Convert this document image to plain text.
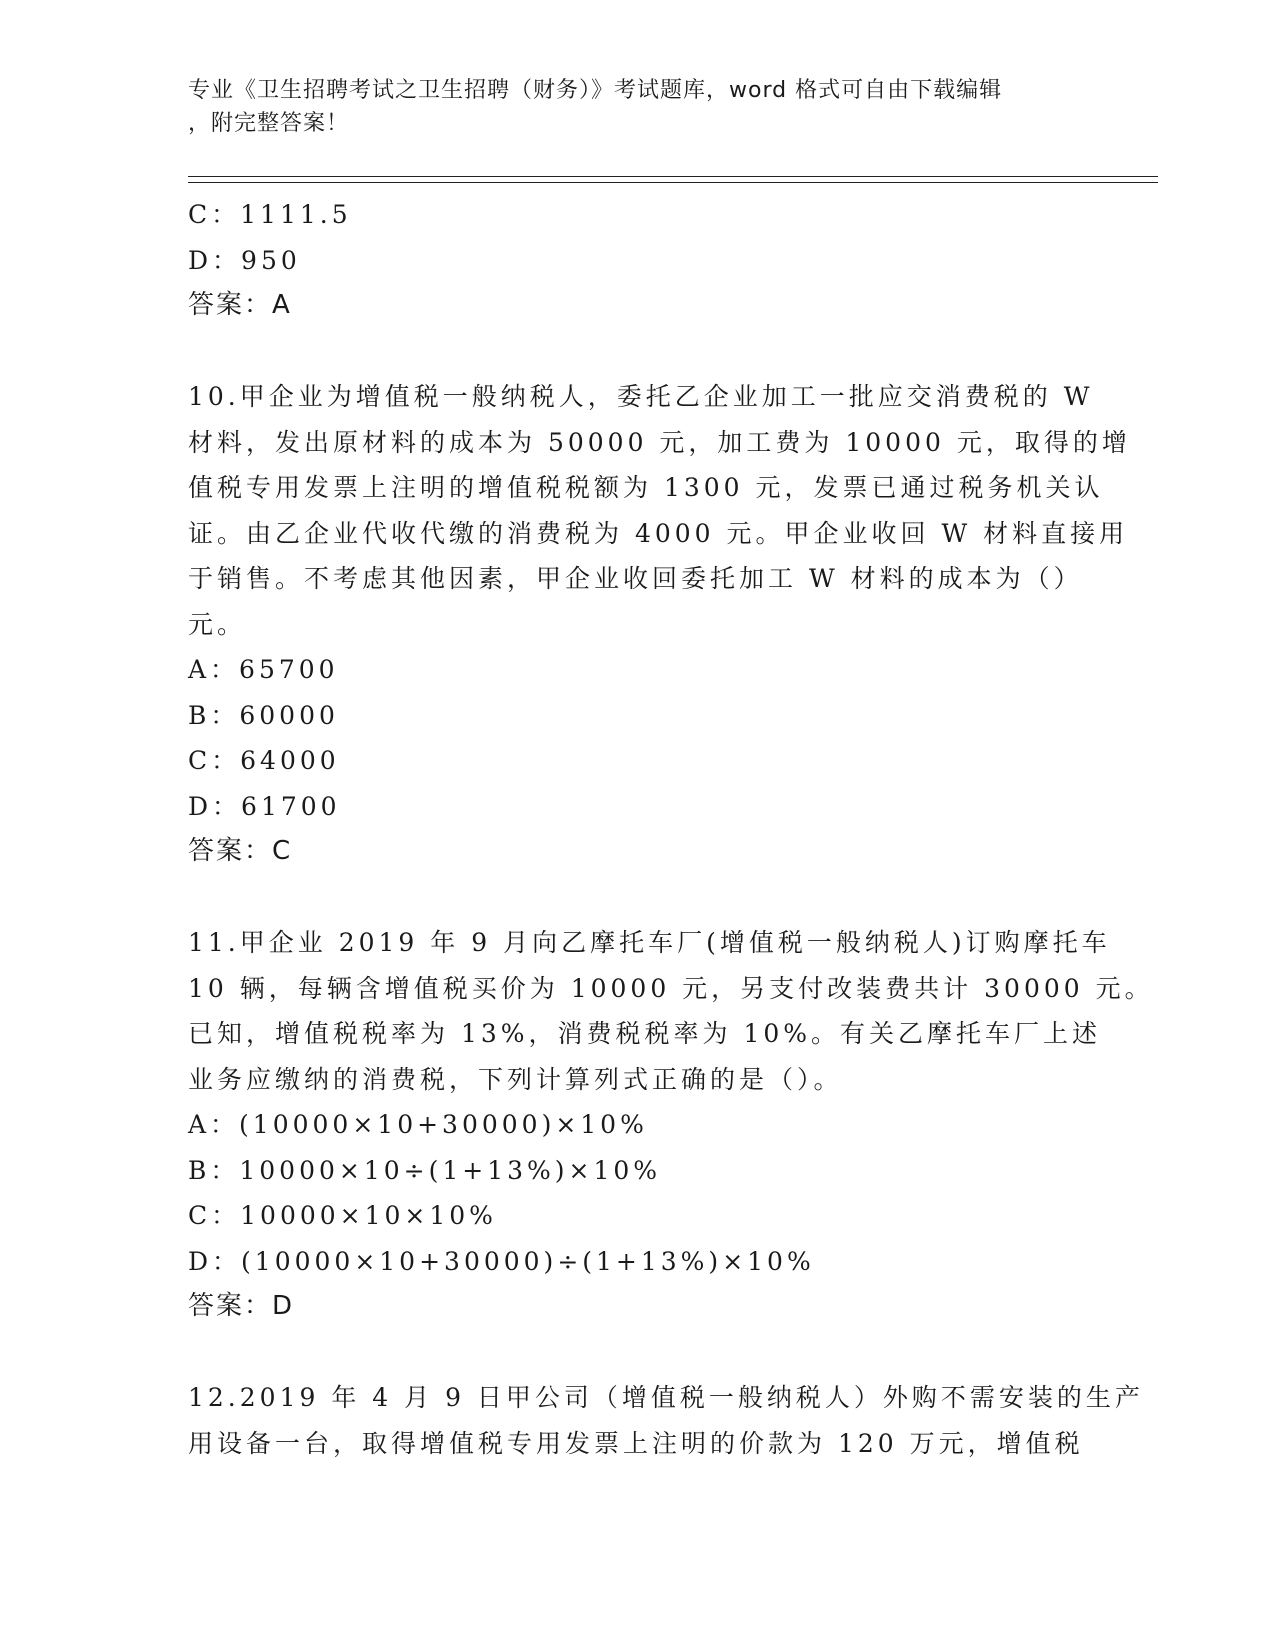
专业《卫生招聘考试之卫生招聘（财务）》考试题库，word 格式可自由下载编辑
，附完整答案！
C：1111.5
D：950
答案：A
10.甲企业为增值税一般纳税人，委托乙企业加工一批应交消费税的 W
材料，发出原材料的成本为 50000 元，加工费为 10000 元，取得的增
值税专用发票上注明的增值税税额为 1300 元，发票已通过税务机关认
证。由乙企业代收代缴的消费税为 4000 元。甲企业收回 W 材料直接用
于销售。不考虑其他因素，甲企业收回委托加工 W 材料的成本为（）
元。
A：65700
B：60000
C：64000
D：61700
答案：C
11.甲企业 2019 年 9 月向乙摩托车厂(增值税一般纳税人)订购摩托车
10 辆，每辆含增值税买价为 10000 元，另支付改装费共计 30000 元。
已知，增值税税率为 13%，消费税税率为 10%。有关乙摩托车厂上述
业务应缴纳的消费税，下列计算列式正确的是（）。
A：(10000×10+30000)×10%
B：10000×10÷(1+13%)×10%
C：10000×10×10%
D：(10000×10+30000)÷(1+13%)×10%
答案：D
12.2019 年 4 月 9 日甲公司（增值税一般纳税人）外购不需安装的生产
用设备一台，取得增值税专用发票上注明的价款为 120 万元，增值税
